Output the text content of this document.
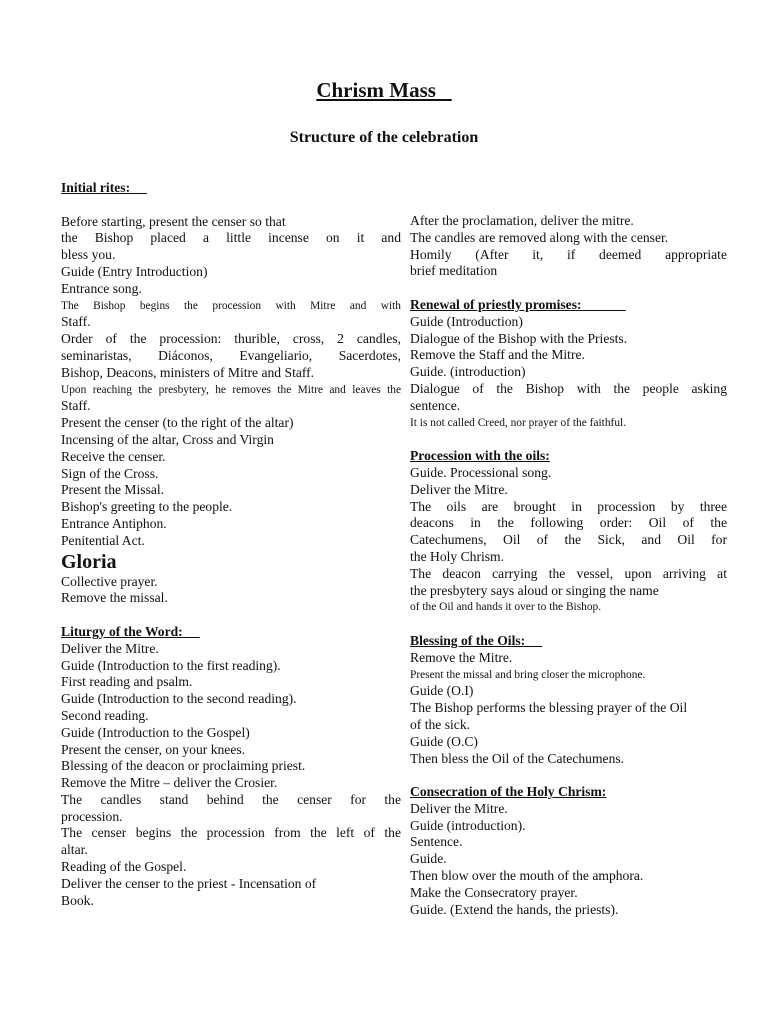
Chrism Mass
Structure of the celebration
Initial rites:
Before starting, present the censer so that
the Bishop placed a little incense on it and
bless you.
Guide (Entry Introduction)
Entrance song.
The Bishop begins the procession with Mitre and with
Staff.
Order of the procession: thurible, cross, 2 candles,
seminaristas, Diáconos, Evangeliario, Sacerdotes,
Bishop, Deacons, ministers of Mitre and Staff.
Upon reaching the presbytery, he removes the Mitre and leaves the
Staff.
Present the censer (to the right of the altar)
Incensing of the altar, Cross and Virgin
Receive the censer.
Sign of the Cross.
Present the Missal.
Bishop's greeting to the people.
Entrance Antiphon.
Penitential Act.
Gloria
Collective prayer.
Remove the missal.
Liturgy of the Word:
Deliver the Mitre.
Guide (Introduction to the first reading).
First reading and psalm.
Guide (Introduction to the second reading).
Second reading.
Guide (Introduction to the Gospel)
Present the censer, on your knees.
Blessing of the deacon or proclaiming priest.
Remove the Mitre – deliver the Crosier.
The candles stand behind the censer for the
procession.
The censer begins the procession from the left of the
altar.
Reading of the Gospel.
Deliver the censer to the priest - Incensation of
Book.
After the proclamation, deliver the mitre.
The candles are removed along with the censer.
Homily (After it, if deemed appropriate
brief meditation
Renewal of priestly promises:
Guide (Introduction)
Dialogue of the Bishop with the Priests.
Remove the Staff and the Mitre.
Guide. (introduction)
Dialogue of the Bishop with the people asking
sentence.
It is not called Creed, nor prayer of the faithful.
Procession with the oils:
Guide. Processional song.
Deliver the Mitre.
The oils are brought in procession by three
deacons in the following order: Oil of the
Catechumens, Oil of the Sick, and Oil for
the Holy Chrism.
The deacon carrying the vessel, upon arriving at
the presbytery says aloud or singing the name
of the Oil and hands it over to the Bishop.
Blessing of the Oils:
Remove the Mitre.
Present the missal and bring closer the microphone.
Guide (O.I)
The Bishop performs the blessing prayer of the Oil
of the sick.
Guide (O.C)
Then bless the Oil of the Catechumens.
Consecration of the Holy Chrism:
Deliver the Mitre.
Guide (introduction).
Sentence.
Guide.
Then blow over the mouth of the amphora.
Make the Consecratory prayer.
Guide. (Extend the hands, the priests).
